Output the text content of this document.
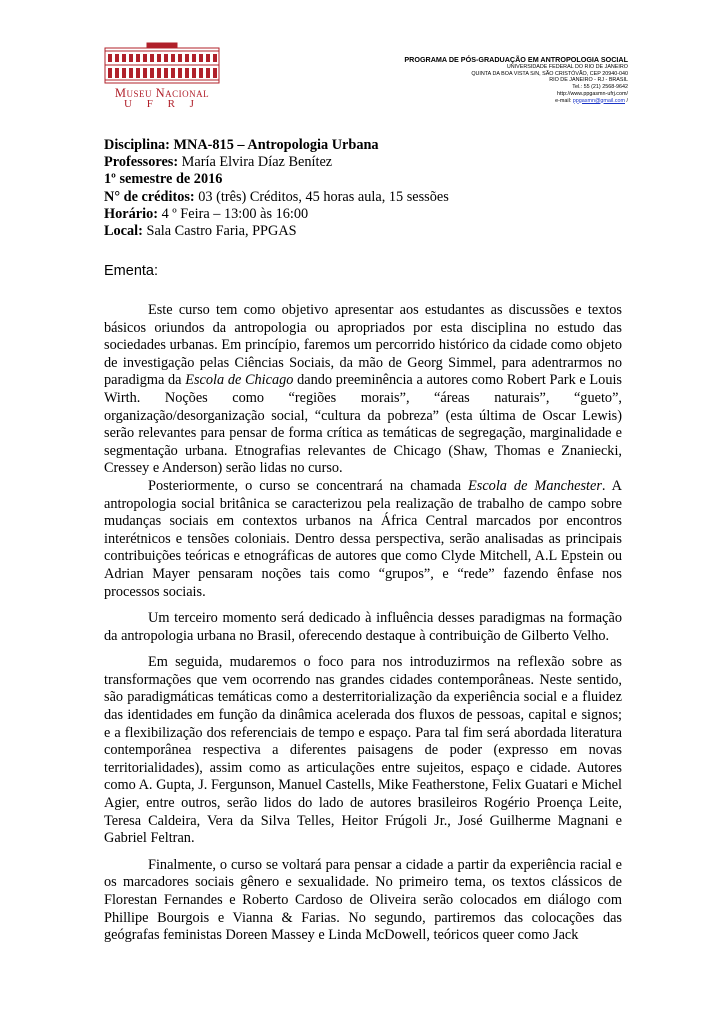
Museu Nacional
U F R J
PROGRAMA DE PÓS-GRADUAÇÃO EM ANTROPOLOGIA SOCIAL
UNIVERSIDADE FEDERAL DO RIO DE JANEIRO
QUINTA DA BOA VISTA S/N, SÃO CRISTÓVÃO, CEP 20940-040
RIO DE JANEIRO - RJ - BRASIL
Tel.: 55 (21) 2568-9642
http://www.ppgasmn-ufrj.com/
e-mail: ppgasmn@gmail.com /
Disciplina: MNA-815 – Antropologia Urbana
Professores: María Elvira Díaz Benítez
1º semestre de 2016
N° de créditos: 03 (três) Créditos, 45 horas aula, 15 sessões
Horário: 4 º Feira – 13:00 às 16:00
Local: Sala Castro Faria, PPGAS
Ementa:

Este curso tem como objetivo apresentar aos estudantes as discussões e textos básicos oriundos da antropologia ou apropriados por esta disciplina no estudo das sociedades urbanas. Em princípio, faremos um percorrido histórico da cidade como objeto de investigação pelas Ciências Sociais, da mão de Georg Simmel, para adentrarmos no paradigma da Escola de Chicago dando preeminência a autores como Robert Park e Louis Wirth. Noções como “regiões morais”, “áreas naturais”, “gueto”, organização/desorganização social, “cultura da pobreza” (esta última de Oscar Lewis) serão relevantes para pensar de forma crítica as temáticas de segregação, marginalidade e segmentação urbana. Etnografias relevantes de Chicago (Shaw, Thomas e Znaniecki, Cressey e Anderson) serão lidas no curso.

Posteriormente, o curso se concentrará na chamada Escola de Manchester. A antropologia social britânica se caracterizou pela realização de trabalho de campo sobre mudanças sociais em contextos urbanos na África Central marcados por encontros interétnicos e tensões coloniais. Dentro dessa perspectiva, serão analisadas as principais contribuições teóricas e etnográficas de autores que como Clyde Mitchell, A.L Epstein ou Adrian Mayer pensaram noções tais como “grupos”, e “rede” fazendo ênfase nos processos sociais.

Um terceiro momento será dedicado à influência desses paradigmas na formação da antropologia urbana no Brasil, oferecendo destaque à contribuição de Gilberto Velho.

Em seguida, mudaremos o foco para nos introduzirmos na reflexão sobre as transformações que vem ocorrendo nas grandes cidades contemporâneas. Neste sentido, são paradigmáticas temáticas como a desterritorialização da experiência social e a fluidez das identidades em função da dinâmica acelerada dos fluxos de pessoas, capital e signos; e a flexibilização dos referenciais de tempo e espaço. Para tal fim será abordada literatura contemporânea respectiva a diferentes paisagens de poder (expresso em novas territorialidades), assim como as articulações entre sujeitos, espaço e cidade. Autores como A. Gupta, J. Fergunson, Manuel Castells, Mike Featherstone, Felix Guatari e Michel Agier, entre outros, serão lidos do lado de autores brasileiros Rogério Proença Leite, Teresa Caldeira, Vera da Silva Telles, Heitor Frúgoli Jr., José Guilherme Magnani e Gabriel Feltran.

Finalmente, o curso se voltará para pensar a cidade a partir da experiência racial e os marcadores sociais gênero e sexualidade. No primeiro tema, os textos clássicos de Florestan Fernandes e Roberto Cardoso de Oliveira serão colocados em diálogo com Phillipe Bourgois e Vianna & Farias. No segundo, partiremos das colocações das geógrafas feministas Doreen Massey e Linda McDowell, teóricos queer como Jack
